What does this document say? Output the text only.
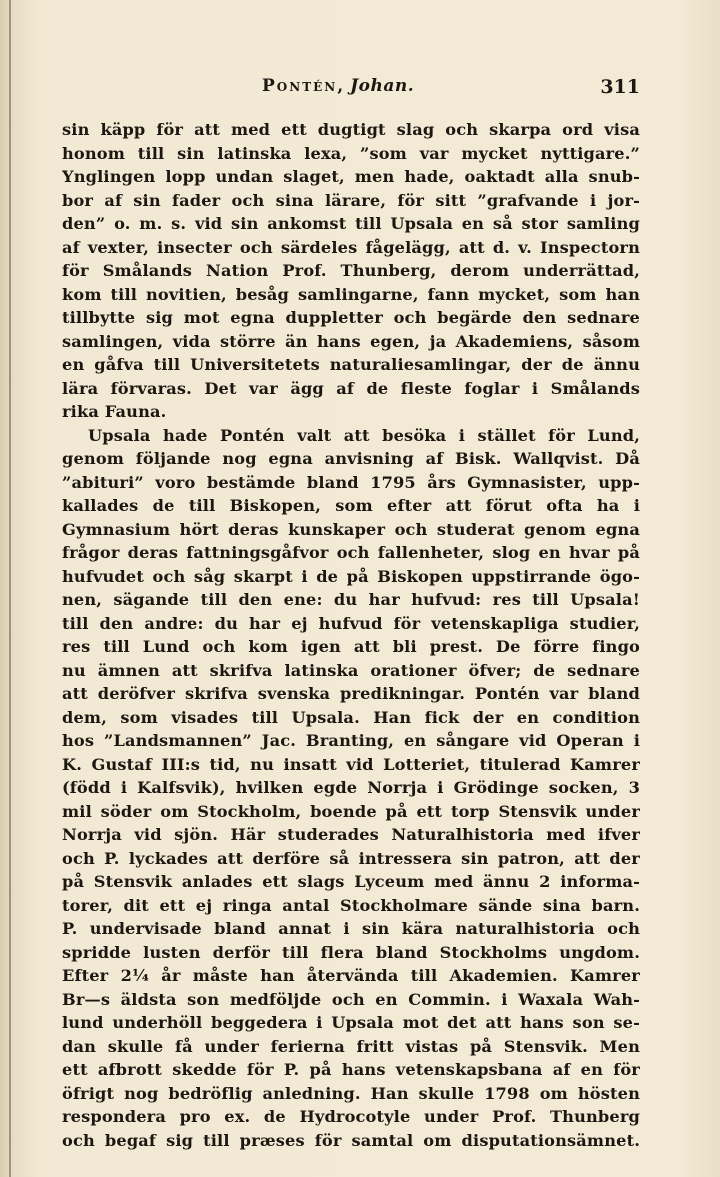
Pontén, Johan.	311
sin käpp för att med ett dugtigt slag och skarpa ord visa
honom till sin latinska lexa, ”som var mycket nyttigare.”
Ynglingen lopp undan slaget, men hade, oaktadt alla snub-
bor af sin fader och sina lärare, för sitt ”grafvande i jor-
den” o. m. s. vid sin ankomst till Upsala en så stor samling
af vexter, insecter och särdeles fågelägg, att d. v. Inspectorn
för Smålands Nation Prof. Thunberg, derom underrättad,
kom till novitien, besåg samlingarne, fann mycket, som han
tillbytte sig mot egna duppletter och begärde den sednare
samlingen, vida större än hans egen, ja Akademiens, såsom
en gåfva till Universitetets naturaliesamlingar, der de ännu
lära förvaras. Det var ägg af de fleste foglar i Smålands
rika Fauna.
Upsala hade Pontén valt att besöka i stället för Lund,
genom följande nog egna anvisning af Bisk. Wallqvist. Då
”abituri” voro bestämde bland 1795 års Gymnasister, upp-
kallades de till Biskopen, som efter att förut ofta ha i
Gymnasium hört deras kunskaper och studerat genom egna
frågor deras fattningsgåfvor och fallenheter, slog en hvar på
hufvudet och såg skarpt i de på Biskopen uppstirrande ögo-
nen, sägande till den ene: du har hufvud: res till Upsala!
till den andre: du har ej hufvud för vetenskapliga studier,
res till Lund och kom igen att bli prest. De förre fingo
nu ämnen att skrifva latinska orationer öfver; de sednare
att deröfver skrifva svenska predikningar. Pontén var bland
dem, som visades till Upsala. Han fick der en condition
hos ”Landsmannen” Jac. Branting, en sångare vid Operan i
K. Gustaf III:s tid, nu insatt vid Lotteriet, titulerad Kamrer
(född i Kalfsvik), hvilken egde Norrja i Grödinge socken, 3
mil söder om Stockholm, boende på ett torp Stensvik under
Norrja vid sjön. Här studerades Naturalhistoria med ifver
och P. lyckades att derföre så intressera sin patron, att der
på Stensvik anlades ett slags Lyceum med ännu 2 informa-
torer, dit ett ej ringa antal Stockholmare sände sina barn.
P. undervisade bland annat i sin kära naturalhistoria och
spridde lusten derför till flera bland Stockholms ungdom.
Efter 2¼ år måste han återvända till Akademien. Kamrer
Br—s äldsta son medföljde och en Commin. i Waxala Wah-
lund underhöll beggedera i Upsala mot det att hans son se-
dan skulle få under ferierna fritt vistas på Stensvik. Men
ett afbrott skedde för P. på hans vetenskapsbana af en för
öfrigt nog bedröflig anledning. Han skulle 1798 om hösten
respondera pro ex. de Hydrocotyle under Prof. Thunberg
och begaf sig till præses för samtal om disputationsämnet.
